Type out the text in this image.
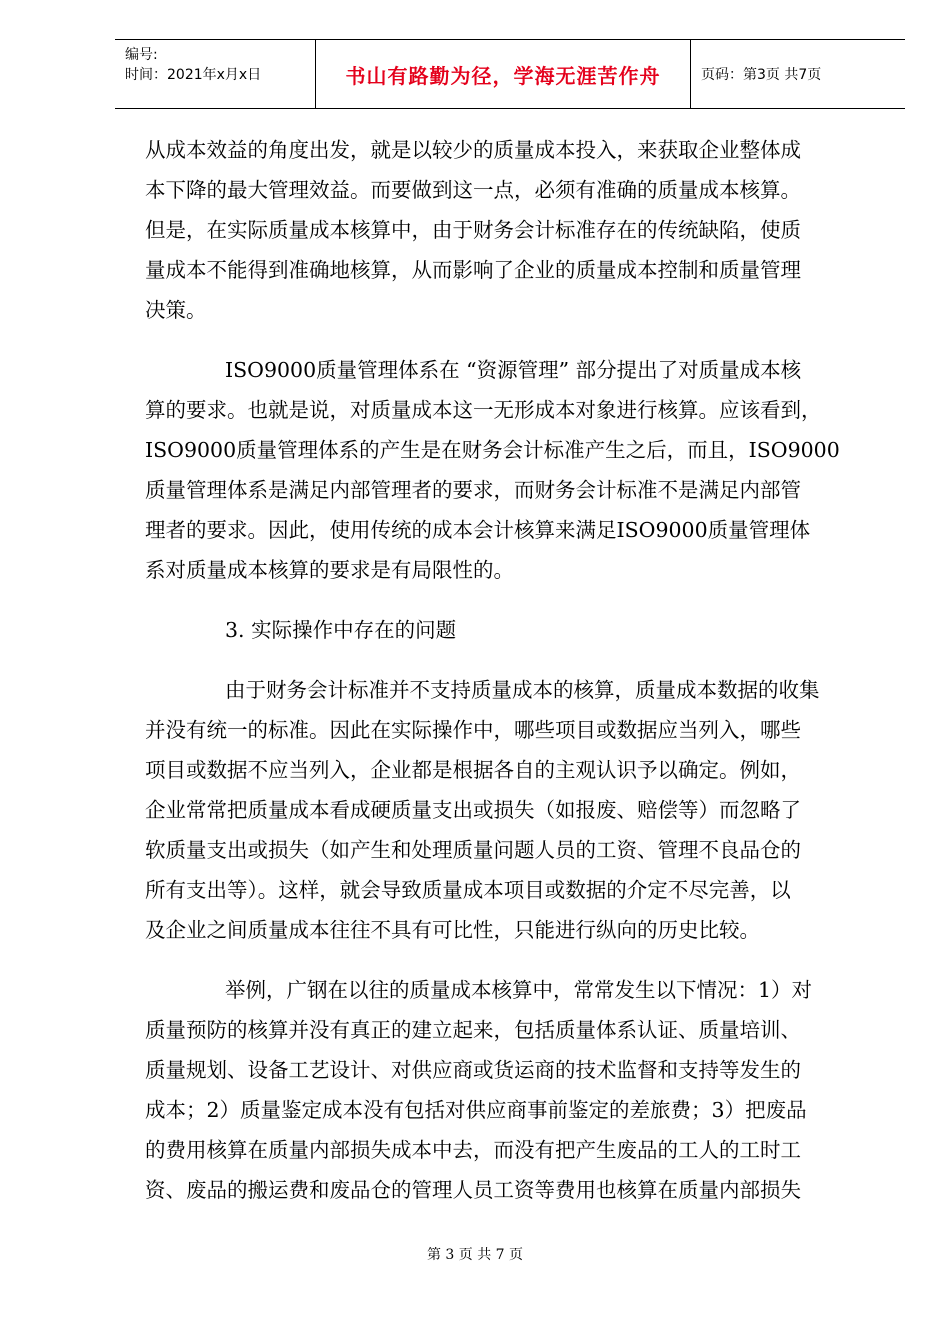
编号:
时间：2021年x月x日	书山有路勤为径，学海无涯苦作舟	页码：第3页 共7页

从成本效益的角度出发，就是以较少的质量成本投入，来获取企业整体成

本下降的最大管理效益。而要做到这一点，必须有准确的质量成本核算。

但是，在实际质量成本核算中，由于财务会计标准存在的传统缺陷，使质

量成本不能得到准确地核算，从而影响了企业的质量成本控制和质量管理

决策。

ISO9000质量管理体系在 “资源管理” 部分提出了对质量成本核

算的要求。也就是说，对质量成本这一无形成本对象进行核算。应该看到，

ISO9000质量管理体系的产生是在财务会计标准产生之后，而且，ISO9000

质量管理体系是满足内部管理者的要求，而财务会计标准不是满足内部管

理者的要求。因此，使用传统的成本会计核算来满足ISO9000质量管理体

系对质量成本核算的要求是有局限性的。

3. 实际操作中存在的问题

由于财务会计标准并不支持质量成本的核算，质量成本数据的收集

并没有统一的标准。因此在实际操作中，哪些项目或数据应当列入，哪些

项目或数据不应当列入，企业都是根据各自的主观认识予以确定。例如，

企业常常把质量成本看成硬质量支出或损失（如报废、赔偿等）而忽略了

软质量支出或损失（如产生和处理质量问题人员的工资、管理不良品仓的

所有支出等）。这样，就会导致质量成本项目或数据的介定不尽完善，以

及企业之间质量成本往往不具有可比性，只能进行纵向的历史比较。

举例，广钢在以往的质量成本核算中，常常发生以下情况：1）对

质量预防的核算并没有真正的建立起来，包括质量体系认证、质量培训、

质量规划、设备工艺设计、对供应商或货运商的技术监督和支持等发生的

成本；2）质量鉴定成本没有包括对供应商事前鉴定的差旅费；3）把废品

的费用核算在质量内部损失成本中去，而没有把产生废品的工人的工时工

资、废品的搬运费和废品仓的管理人员工资等费用也核算在质量内部损失

第 3 页 共 7 页
